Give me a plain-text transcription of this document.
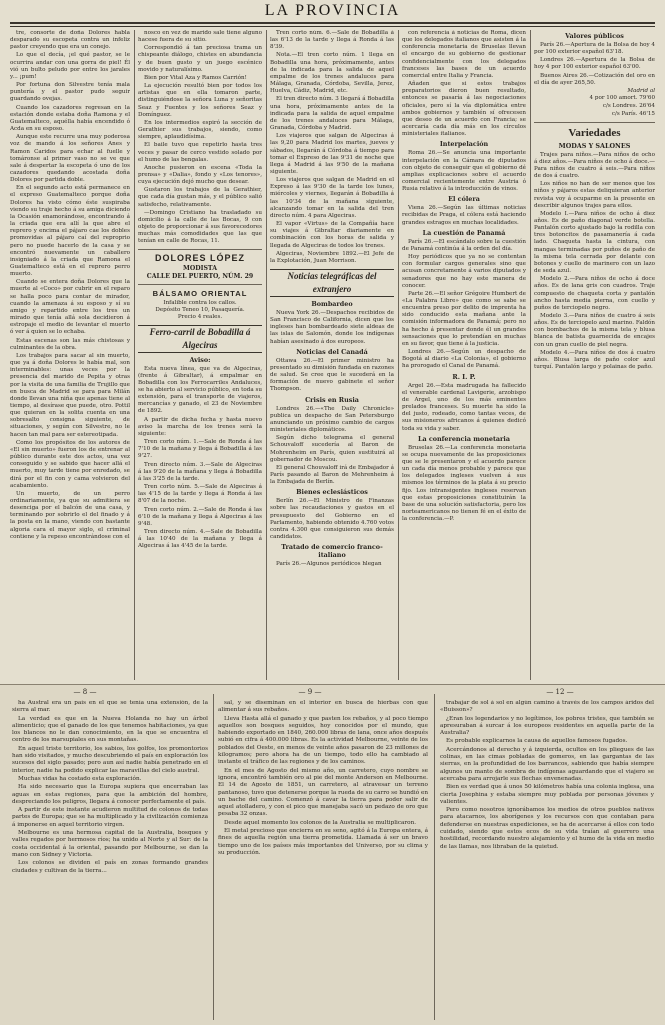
LA PROVINCIA

tre, consorte de doña Dolores habla desparado su escopeta contra un infeliz pastor creyendo que era un conejo.

Lo que el decía, ¡el qué pastor, se le ocurrira andar con una gorra de piel! Él vió un bulto peludo por entre los jarales y... ¡pum!

Por fortuna don Silvestre tenía mala puntería y el pastor pudo seguir guardando ovejas.

Cuando los cazadores regresan en la estación donde estaba doña Ramona y el Guatemalteco, aquélla había encendido ó Acda en su esposo.

Aunque este recurre una muy poderosa voz de mando á los señores Anes y Ramon Caridos para echar al fuelle y tomáronse al primer vaso no se ve que sale á despertar la escopeta ó uno de los cazadores quedando acostada doña Dolores por partida doble.

En el segundo acto está permanece en el expreso Guatemalteco porque doña Dolores ha visto cómo éste suspiraba viendo su traje hecho á su amiga diciendo la Ocasión enamorándose, encontrando á la criada que era allí la que abre el reprero y encima el pájaro cae los dobles promovidas al pájaro caí del reproprio pero no puede hacerlo de la casa y se encontró nuevamente un caballero insigniado á la criada que Ramona el Guatemalteco está en el reprero perro muerto.

Cuando se entera doña Dolores que la muerte al «Coco» por cubrir en el reparo se halla poco para contar de mirador, cuando la amenaza á su esposo y sí su amigo y repartido entre los tres un mirado que tenía allá sola decidieron á estropaje el medio de levantar el muerto ó ver á quien se lo echaba.

Estas escenas son las más chistosas y culminantes de la obra.

Los trabajos para sacar al sin muerto, que ya á doña Dolores le había mal, son interminables: unas veces por la presencia del marido de Pepita y otras por la visita de una familia de Trujillo que en busca de Madrid se para para Milán donde llevan una niña que apenas tiene al tiempo, al desírase que puede, otro. Pottil que quieran en la solita cuenta en una sobresalto consigna siguiente, de situaciones, y según con Silvestre, no le hacen tan mal para ser estereotipada.

Como los propósitos de los autores de «El sin muerto» fueron los de entrenar al público durante este dos actos, una vez conseguido y se sabido que hacer allá el muerto, muy tarde tiene por enredado, se dirá por el fin con y cama volvieron del acabamiento.

Un muerto, de un perro ordinariamente, ya que su admitiera se desenciga por el balcón de una casa, y terminando por sobrirlo el del finado y á la posta en la mano, viendo con bastante algoria cara el mayor siglo, el criminal contiene y la repeso encontrándose con el

nosco en vez de marido sale tiene alguno hacese fuera de su sitio.

Correspondió á tan preciosa trama un chispeante diálogo, chistes en abundancia y de buen gusto y un juego escénico movido y naturalísimo.

Bien por Vital Aza y Ramos Carrión!

La ejecución resultó bien por todos los artistas que en ella tomaron parte, distinguiéndose la señora Luna y señoritas Seaz y Fuentes y los señores Seaz y Domínguez.

En los intermedios espiró la sección de Gerathier sus trabajos, siendo, como siempre, aplaudidísima.

El baile tuvo que repetirlo hasta tres veces y pasar de cerco vestido solado por el humo de las bengalas.

Anoche pusieron en escena «Toda la prensa» y «Dalia», fondo y «Los tenores», cuya ejecución dejó mucho que desear.

Gustaron los trabajos de la Gerathier, que cada día gustan más, y el público salió satisfecho, relativamente.

—Domingo Cristiano ha trasladado su domicilio á la calle de las Bocas, 9 con objeto de proporcionar á sus favorecedores muchas más comodidades que las que tenían en calle de Rocas, 11.

DOLORES LÓPEZ
MODISTA
CALLE DEL PUERTO, NÚM. 29
BÁLSAMO ORIENTAL
Infalible contra los callos.
Depósito Teneo 10, Pasaquería.
Precio 4 reales.
Ferro-carril de Bobadilla á Algeciras
Aviso:

Esta nueva línea, que va de Algeciras, (frente á Gibraltar), á empalmar en Bobadilla con los Ferrocarriles Andaluces, se ha abierto al servicio público, en toda su extensión, para el transporte de viajeros, mercancías y ganado, el 23 de Noviembre de 1892.

A partir de dicha fecha y hasta nuevo aviso la marcha de los trenes será la siguiente:

Tren corto núm. 1.—Sale de Ronda á las 7'10 de la mañana y llega á Bobadilla á las 9'27.

Tren directo núm. 3.—Sale de Algeciras á las 9'20 de la mañana y llega á Bobadilla á las 3'25 de la tarde.

Tren corto núm. 5.—Sale de Algeciras á las 4'15 de la tarde y llega á Ronda á las 8'07 de la noche.

Tren corto núm. 2.—Sale de Ronda á las 6'10 de la mañana y llega á Algeciras á las 9'48.

Tren directo núm. 4.—Sale de Bobadilla á las 10'40 de la mañana y llega á Algeciras á las 4'45 de la tarde.

Tren corto núm. 6.—Sale de Bobadilla á las 6'13 de la tarde y llega á Ronda á las 8'39.

Nota.—El tren corto núm. 1 llega en Bobadilla una hora, próximamente, antes de la indicada para la salida de aquel empalme de los trenes andaluces para Málaga, Granada, Córdoba, Sevilla, Jerez, Huelva, Cádiz, Madrid, etc.

El tren directo núm. 3 llegará á Bobadilla una hora, próximamente antes de la indicada para la salida de aquel empalme de los trenes andaluces para Málaga, Granada, Córdoba y Madrid.

Los viajeros que salgan de Algeciras á las 9,20 para Madrid los martes, jueves y sábados, llegarán á Córdoba á tiempo para tomar el Expreso de las 9'31 de noche que llega á Madrid á las 9'50 de la mañana siguiente.

Los viajeros que salgan de Madrid en el Expreso á las 9'30 de la tarde los lunes, miércoles y viernes, llegarán á Bobadilla á las 10'34 de la mañana siguiente, alcanzando tomar en la salida del tren directo núm. 4 para Algeciras.

El vapor «Virtus» de la Compañía hace su viajes á Gibraltar diariamente en combinación con los horas de salida y llegada de Algeciras de todos los trenes.

Algeciras, Noviembre 1892.—El Jefe de la Explotación, Juan Morrison.

Noticias telegráficas del extranjero
Bombardeo

Nueva York 26.—Despachos recibidos de San Francisco de California, dicen que los ingleses han bombardeado siete aldeas de las islas de Salomón, donde los indígenas habían asesinado á dos europeos.

Noticias del Canadá

Ottawa 26.—El primer ministro ha presentado su dimisión fundada en razones de salud. Se cree que le sucederá en la formación de nuevo gabinete el señor Thompson.

Crisis en Rusia

Londres 26.—«The Daily Chronicle» publica un despacho de San Petersburgo anunciando un próximo cambio de cargos ministeriales diplomáticos.

Según dicho telegrama el general Schouvaloff sucedería al Baron de Mohrenheim en París, quien sustituirá al gobernador de Moscou.

El general Chouvaloff irá de Embajador á París pasando al Baron de Mehrenheim á la Embajada de Berlín.

Bienes eclesiásticos

Berlín 26.—El Ministro de Finanzas sobre las recaudaciones y gastos en el presupuesto del Gobierno en el Parlamento, habiendo obtenido 4.760 votos contra 4.300 que consiguieron sus demás candidatos.

Tratado de comercio franco-italiano

París 26.—Algunos periódicos hlegan

con referencia á noticias de Roma, dicen que los delegados italianos que asisten á la conferencia monetaria de Bruselas llevan el encargo de su gobierno de gestionar confidencialmente con los delegados franceses las bases de un acuerdo comercial entre Italia y Francia.

Añaden que si estos trabajos preparatorios dieron buen resultado, entonces se pasaría á las negociaciones oficiales, pero sí la vía diplomática entre ambos gobiernos y también sí ofrecesen que deseo de un acuerdo con Francia; se acercaría cada día más en los círculos ministeriales italianos.

Interpelación

Roma 26.—Se anuncia una importante interpelación en la Cámara de diputados con objeto de conseguir que el gobierno dé amplias explicaciones sobre el acuerdo comercial recientemente entre Austria ó Rusia relativo á la introducción de vinos.

El cólera

Viena 26.—Según las últimas noticias recibidas de Praga, el cólera está haciendo grandes estragos en muchas localidades.

La cuestión de Panamá

París 26.—El escándalo sobre la cuestión de Panamá continúa á la orden del día.

Hoy periódicos que ya no se contentan con formular cargos generales sino que acusan concretamente á varios diputados y senadores que no hay este manera de conocer.

Parte 26.—El señor Grégoire Humbert de «La Palabra Libre» que como se sabe se encuentra preso por delito de imprenta ha sido conducido esta mañana ante la comisión informadora de Panamá; pero no ha hecho á presentar donde él un grandes sensaciones que lo pretendían en muchas en su favor, que tiene á la justicia.

Londres 26.—Según un despacho de Bogotá al diario «La Colonia», el gobierno ha prorogado el Canal de Panamá.

R. I. P.

Argel 26.—Esta madrugada ha fallecido el venerable cardenal Lavigerie, arzobispo de Argel, uno de los más eminentes prelados franceses. Su muerte ha sido la del justo, rodeado, como tantas veces, de sus misioneros africanos á quienes dedicó toda su vida y saber.

La conferencia monetaria

Bruselas 26.—La conferencia monetaria se ocupa nuevamente de las proposiciones que se le presentaron y el acuerdo parece un cada día menos probable y parece que los delegados ingleses vuelven á sus mismos los términos de la plata á su precio fijo. Los intransigentes ingleses reservan que estas proposiciones constituirán la base de una solución satisfactoria, pero los norteamericanos no tienen fé en el éxito de la conferencia.—P.

Valores públicos

París 26.—Apertura de la Bolsa de hoy 4 por 100 exterior español 63'18.

Londres 26.—Apertura de la Bolsa de hoy 4 por 100 exterior español 63'00.

Buenos Aires 26.—Cotización del oro en el día de ayer 265,50.

Madrid al

4 por 100 amort. 79'60

c/s Londres. 26'64

c/s París. 46'15

Variedades
MODAS Y SALONES

Trajes para niños.—Para niños de ocho á diez años.—Para niños de ocho á doce.—Para niños de cuatro á seis.—Para niños de dos á cuatro.

Los niños no han de ser menos que los niños y pájaros estas deliquieran anterior revista voy á ocuparme en la presente en describir algunos trajes para ellos.

Modelo I.—Para niños de ocho á diez años. Es de paño diagonal verde botella. Pantalón corto ajustado bajo la rodilla con tres botoncitos de pasamanería á cada lado. Chaqueta hasta la cintura, con mangas terminadas por puños de paño de la misma tela cerrada por delante con botones y cuello de marinero con un lazo de seda azul.

Modelo 2.—Para niños de ocho á doce años. Es de lana gris con cuadros. Traje compuesto de chaqueta corta y pantalón ancho hasta media pierna, con cuello y puños de terciopelo negro.

Modelo 3.—Para niños de cuatro á seis años. Es de terciopelo azul marino. Faldón con bombachos de la misma tela y blusa blanca de batista guarnecida de encajes con un gran cuello de piel negra.

Modelo 4.—Para niños de dos á cuatro años. Blusa larga de paño color azul turquí. Pantalón largo y polainas de paño.

— 8 —	— 9 —	— 12 —

ha Austral era un país en el que se tenía una extensión, de la sierra al mar.

La verdad es que en la Nueva Holanda no hay un árbol alimenticio; que el ganado de los que tenemos habitaciones, ya que los blancos no le dan conocimiento, en la que se encuentra el centro de los marsupiales en sus montañas.

En aquel triste territorio, los sabios, los golfos, los promontorios han sido visitados, y mucho descubriendo el país en exploración los sucesos del siglo pasado; pero aun así nadie había penetrado en el interior, nadie ha podido explicar las maravillas del cielo austral.

Muchas vidas ha costado esta exploración.

Ha sido necesario que la Europa supiera que encerraban las aguas en estas regiones, para que la ambición del hombre, despreciando los peligros, llegara á conocer perfectamente el país.

A partir de este instante acudieron multitud de colonos de todas partes de Europa; que se ha multiplicado y la civilización comienza á imponerse en aquel territorio virgen.

Melbourne es una hermosa capital de la Australia, bosques y valles regados por hermosos ríos; ha unido al Norte y al Sur: de la costa occidental á la oriental, pasando por Melbourne, se dan la mano con Sidney y Victoria.

Los colonos se dividen el país en zonas formando grandes ciudades y cultivan de la tierra...

sal, y se diseminan en el interior en busca de hierbas con que alimentar á sus rebaños.

Lleva Hasta allá el ganado y que pasten los rebaños, y al poco tiempo aquellos son bosques seguidos, hoy conocidos por el mundo, que habiendo exportado en 1840, 260.000 libras de lana, once años después subió en cifra á 400.000 libras. Es la actividad Melbourne, veinte de los poblados del Oeste, en menos de veinte años pasaron de 23 millones de kilogramos; pero ahora ha de un tiempo, todo ello ha cambiado al instante el tráfico de las regiones y de los caminos.

En el mes de Agosto del mismo año, un carretero, cuyo nombre se ignora, encontró también oro al pie del monte Anderson en Melbourne. El 14 de Agosto de 1851, un carretero, al atravesar un terreno pantanoso, tuvo que detenerse porque la rueda de su carro se hundió en un bache del camino. Comenzó á cavar la tierra para poder salir de aquel atolladero, y con el pico que manejaba sacó un pedazo de oro que pesaba 32 onzas.

Desde aquel momento los colonos de la Australia se multiplicaron.

El metal precioso que encierra en su seno, agitó á la Europa entera, á fines de aquella región una tierra prometida. Llamada á ser un bravo tiempo uno de los países más importantes del Universo, por su clima y su producción.

trabajar de sol á sol en algún camino á través de los campos áridos del «Buisson»?

¿Eran los legendarios y no legítimos, los pobres tristes, que también se apresuraban á surcar á los europeos residentes en aquella parte de la Australia?

Es probable explicarnos la causa de aquellos famosos fugados.

Acercándonos al derecho y á izquierda, ocultos en los pliegues de las colinas, en las cimas pobladas de gomeros, en las gargantas de las sierras, en la profundidad de los barrancos, sabiendo que había siempre algunos un manto de sombra de indígenas aguardando que el viajero se acercaba para arrojarle sus flechas envenenadas.

Bien es verdad que á unos 50 kilómetros había una colonia inglesa, una cierta Josephina y estaba siempre muy poblada por personas jóvenes y valientes.

Pero como nosotros ignorábamos los medios de otros pueblos nativos para atacarnos, los aborígenes y los recursos con que contaban para defenderse en nuestras expediciones, se ha de acercarse á ellos con todo cuidado, siendo que estos ecos de su vida traían al guerrero una hostilidad, recordando nuestro alejamiento y el humo de la vida en medio de las llamas, nos libraban de la quietud.
